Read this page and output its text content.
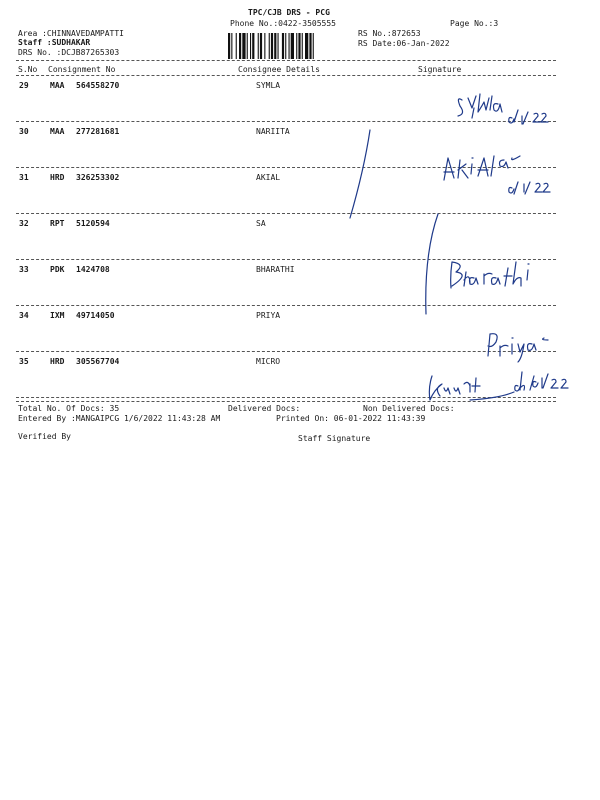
TPC/CJB DRS - PCG
Phone No.:0422-3505555	Page No.:3
Area :CHINNAVEDAMPATTI
Staff :SUDHAKAR
DRS No. :DCJB87265303
RS No.:872653
RS Date:06-Jan-2022
S.No Consignment No	Consignee Details	Signature
29	MAA 564558270	SYMLA
30	MAA 277281681	NARIITA
31	HRD 326253302	AKIAL
32	RPT 5120594	SA
33	PDK 1424708	BHARATHI
34	IXM 49714050	PRIYA
35	HRD 305567704	MICRO
Total No. Of Docs: 35	Delivered Docs:	Non Delivered Docs:
Entered By :MANGAIPCG 1/6/2022 11:43:28 AM	Printed On: 06-01-2022 11:43:39
Verified By	Staff Signature
